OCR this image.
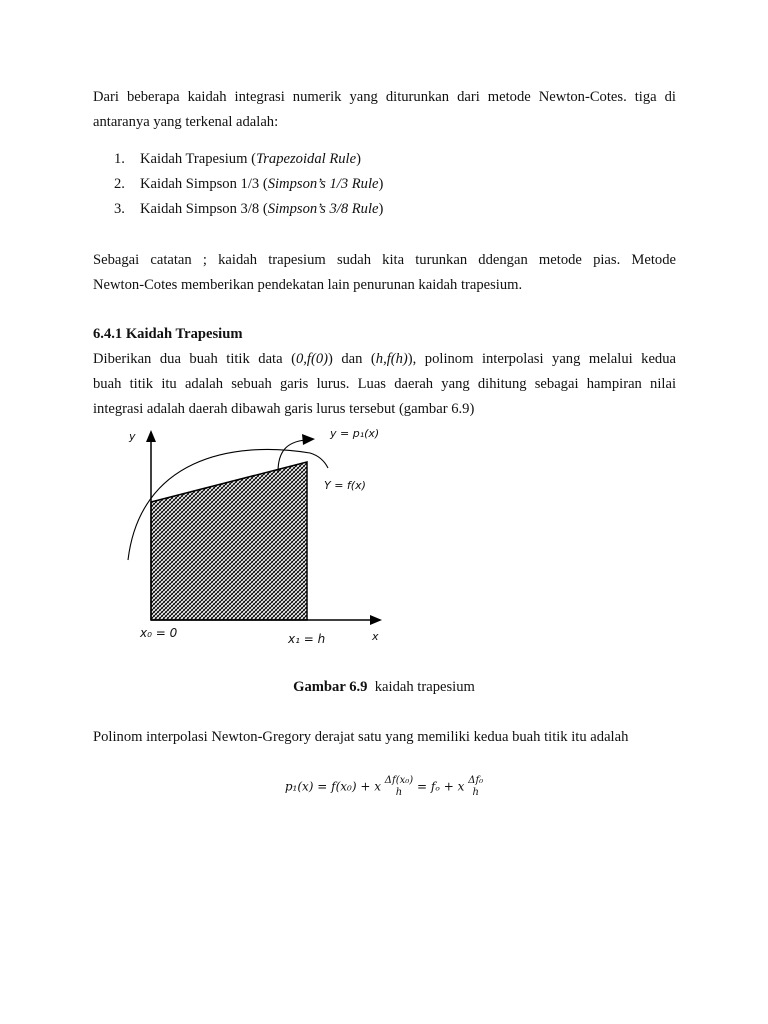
Dari beberapa kaidah integrasi numerik yang diturunkan dari metode Newton-Cotes. tiga di
antaranya yang terkenal adalah:

1. Kaidah Trapesium (Trapezoidal Rule)
2. Kaidah Simpson 1/3 (Simpson’s 1/3 Rule)
3. Kaidah Simpson 3/8 (Simpson’s 3/8 Rule)

Sebagai catatan ; kaidah trapesium sudah kita turunkan ddengan metode pias. Metode
Newton-Cotes memberikan pendekatan lain penurunan kaidah trapesium.

6.4.1 Kaidah Trapesium

Diberikan dua buah titik data (0,f(0)) dan (h,f(h)), polinom interpolasi yang melalui kedua
buah titik itu adalah sebuah garis lurus. Luas daerah yang dihitung sebagai hampiran nilai
integrasi adalah daerah dibawah garis lurus tersebut (gambar 6.9)

y	y = p₁(x)
Y = f(x)
x₀ = 0	x₁ = h	x
Gambar 6.9  kaidah trapesium

Polinom interpolasi Newton-Gregory derajat satu yang memiliki kedua buah titik itu adalah

p₁(x) = f(x₀) + x Δf(x₀)
h	= fₒ + x Δf₀
h
